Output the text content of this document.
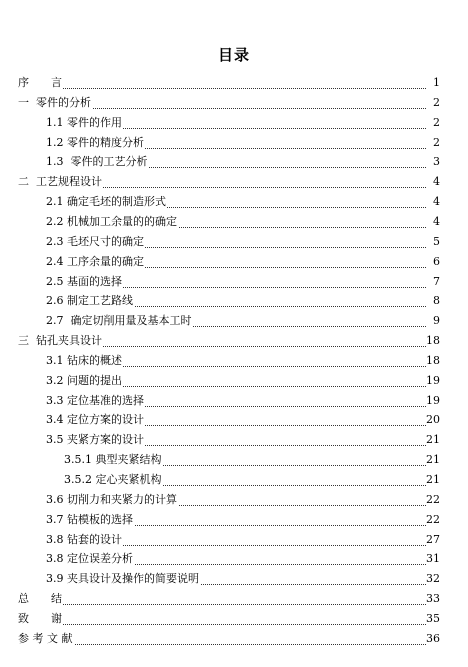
目录
序　　言	1
一  零件的分析	2
1.1 零件的作用	2
1.2 零件的精度分析	2
1.3  零件的工艺分析	3
二  工艺规程设计	4
2.1 确定毛坯的制造形式	4
2.2 机械加工余量的的确定	4
2.3 毛坯尺寸的确定	5
2.4 工序余量的确定	6
2.5 基面的选择	7
2.6 制定工艺路线	8
2.7  确定切削用量及基本工时	9
三  钻孔夹具设计	18
3.1 钻床的概述	18
3.2 问题的提出	19
3.3 定位基准的选择	19
3.4 定位方案的设计	20
3.5 夹紧方案的设计	21
3.5.1 典型夹紧结构	21
3.5.2 定心夹紧机构	21
3.6 切削力和夹紧力的计算	22
3.7 钻模板的选择	22
3.8 钻套的设计	27
3.8 定位误差分析	31
3.9 夹具设计及操作的简要说明	32
总　　结	33
致　　谢	35
参 考 文 献	36
